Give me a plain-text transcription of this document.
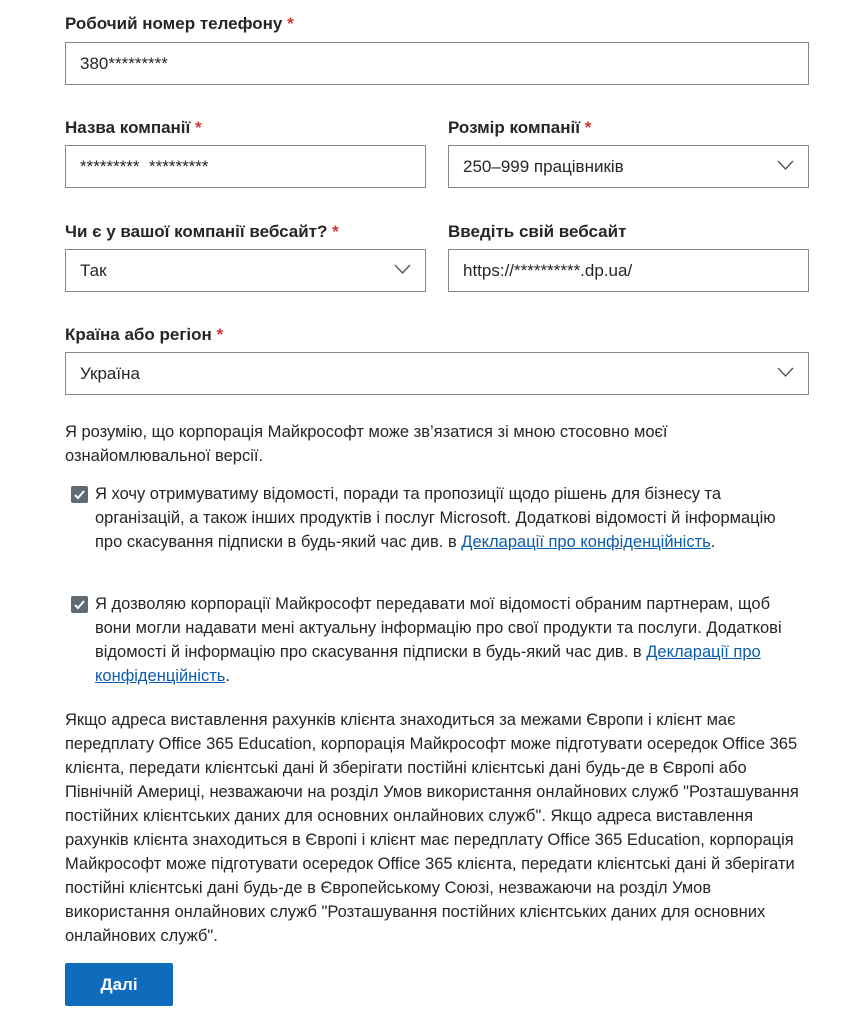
Робочий номер телефону *
380*********
Назва компанії *
*********  *********
Розмір компанії *
250–999 працівників
Чи є у вашої компанії вебсайт? *
Так
Введіть свій вебсайт
https://**********.dp.ua/
Країна або регіон *
Україна
Я розумію, що корпорація Майкрософт може зв’язатися зі мною стосовно моєї ознайомлювальної версії.
Я хочу отримуватиму відомості, поради та пропозиції щодо рішень для бізнесу та організацій, а також інших продуктів і послуг Microsoft. Додаткові відомості й інформацію про скасування підписки в будь-який час див. в Декларації про конфіденційність.
Я дозволяю корпорації Майкрософт передавати мої відомості обраним партнерам, щоб вони могли надавати мені актуальну інформацію про свої продукти та послуги. Додаткові відомості й інформацію про скасування підписки в будь-який час див. в Декларації про конфіденційність.
Якщо адреса виставлення рахунків клієнта знаходиться за межами Європи і клієнт має передплату Office 365 Education, корпорація Майкрософт може підготувати осередок Office 365 клієнта, передати клієнтські дані й зберігати постійні клієнтські дані будь-де в Європі або Північній Америці, незважаючи на розділ Умов використання онлайнових служб "Розташування постійних клієнтських даних для основних онлайнових служб". Якщо адреса виставлення рахунків клієнта знаходиться в Європі і клієнт має передплату Office 365 Education, корпорація Майкрософт може підготувати осередок Office 365 клієнта, передати клієнтські дані й зберігати постійні клієнтські дані будь-де в Європейському Союзі, незважаючи на розділ Умов використання онлайнових служб "Розташування постійних клієнтських даних для основних онлайнових служб".
Далі
